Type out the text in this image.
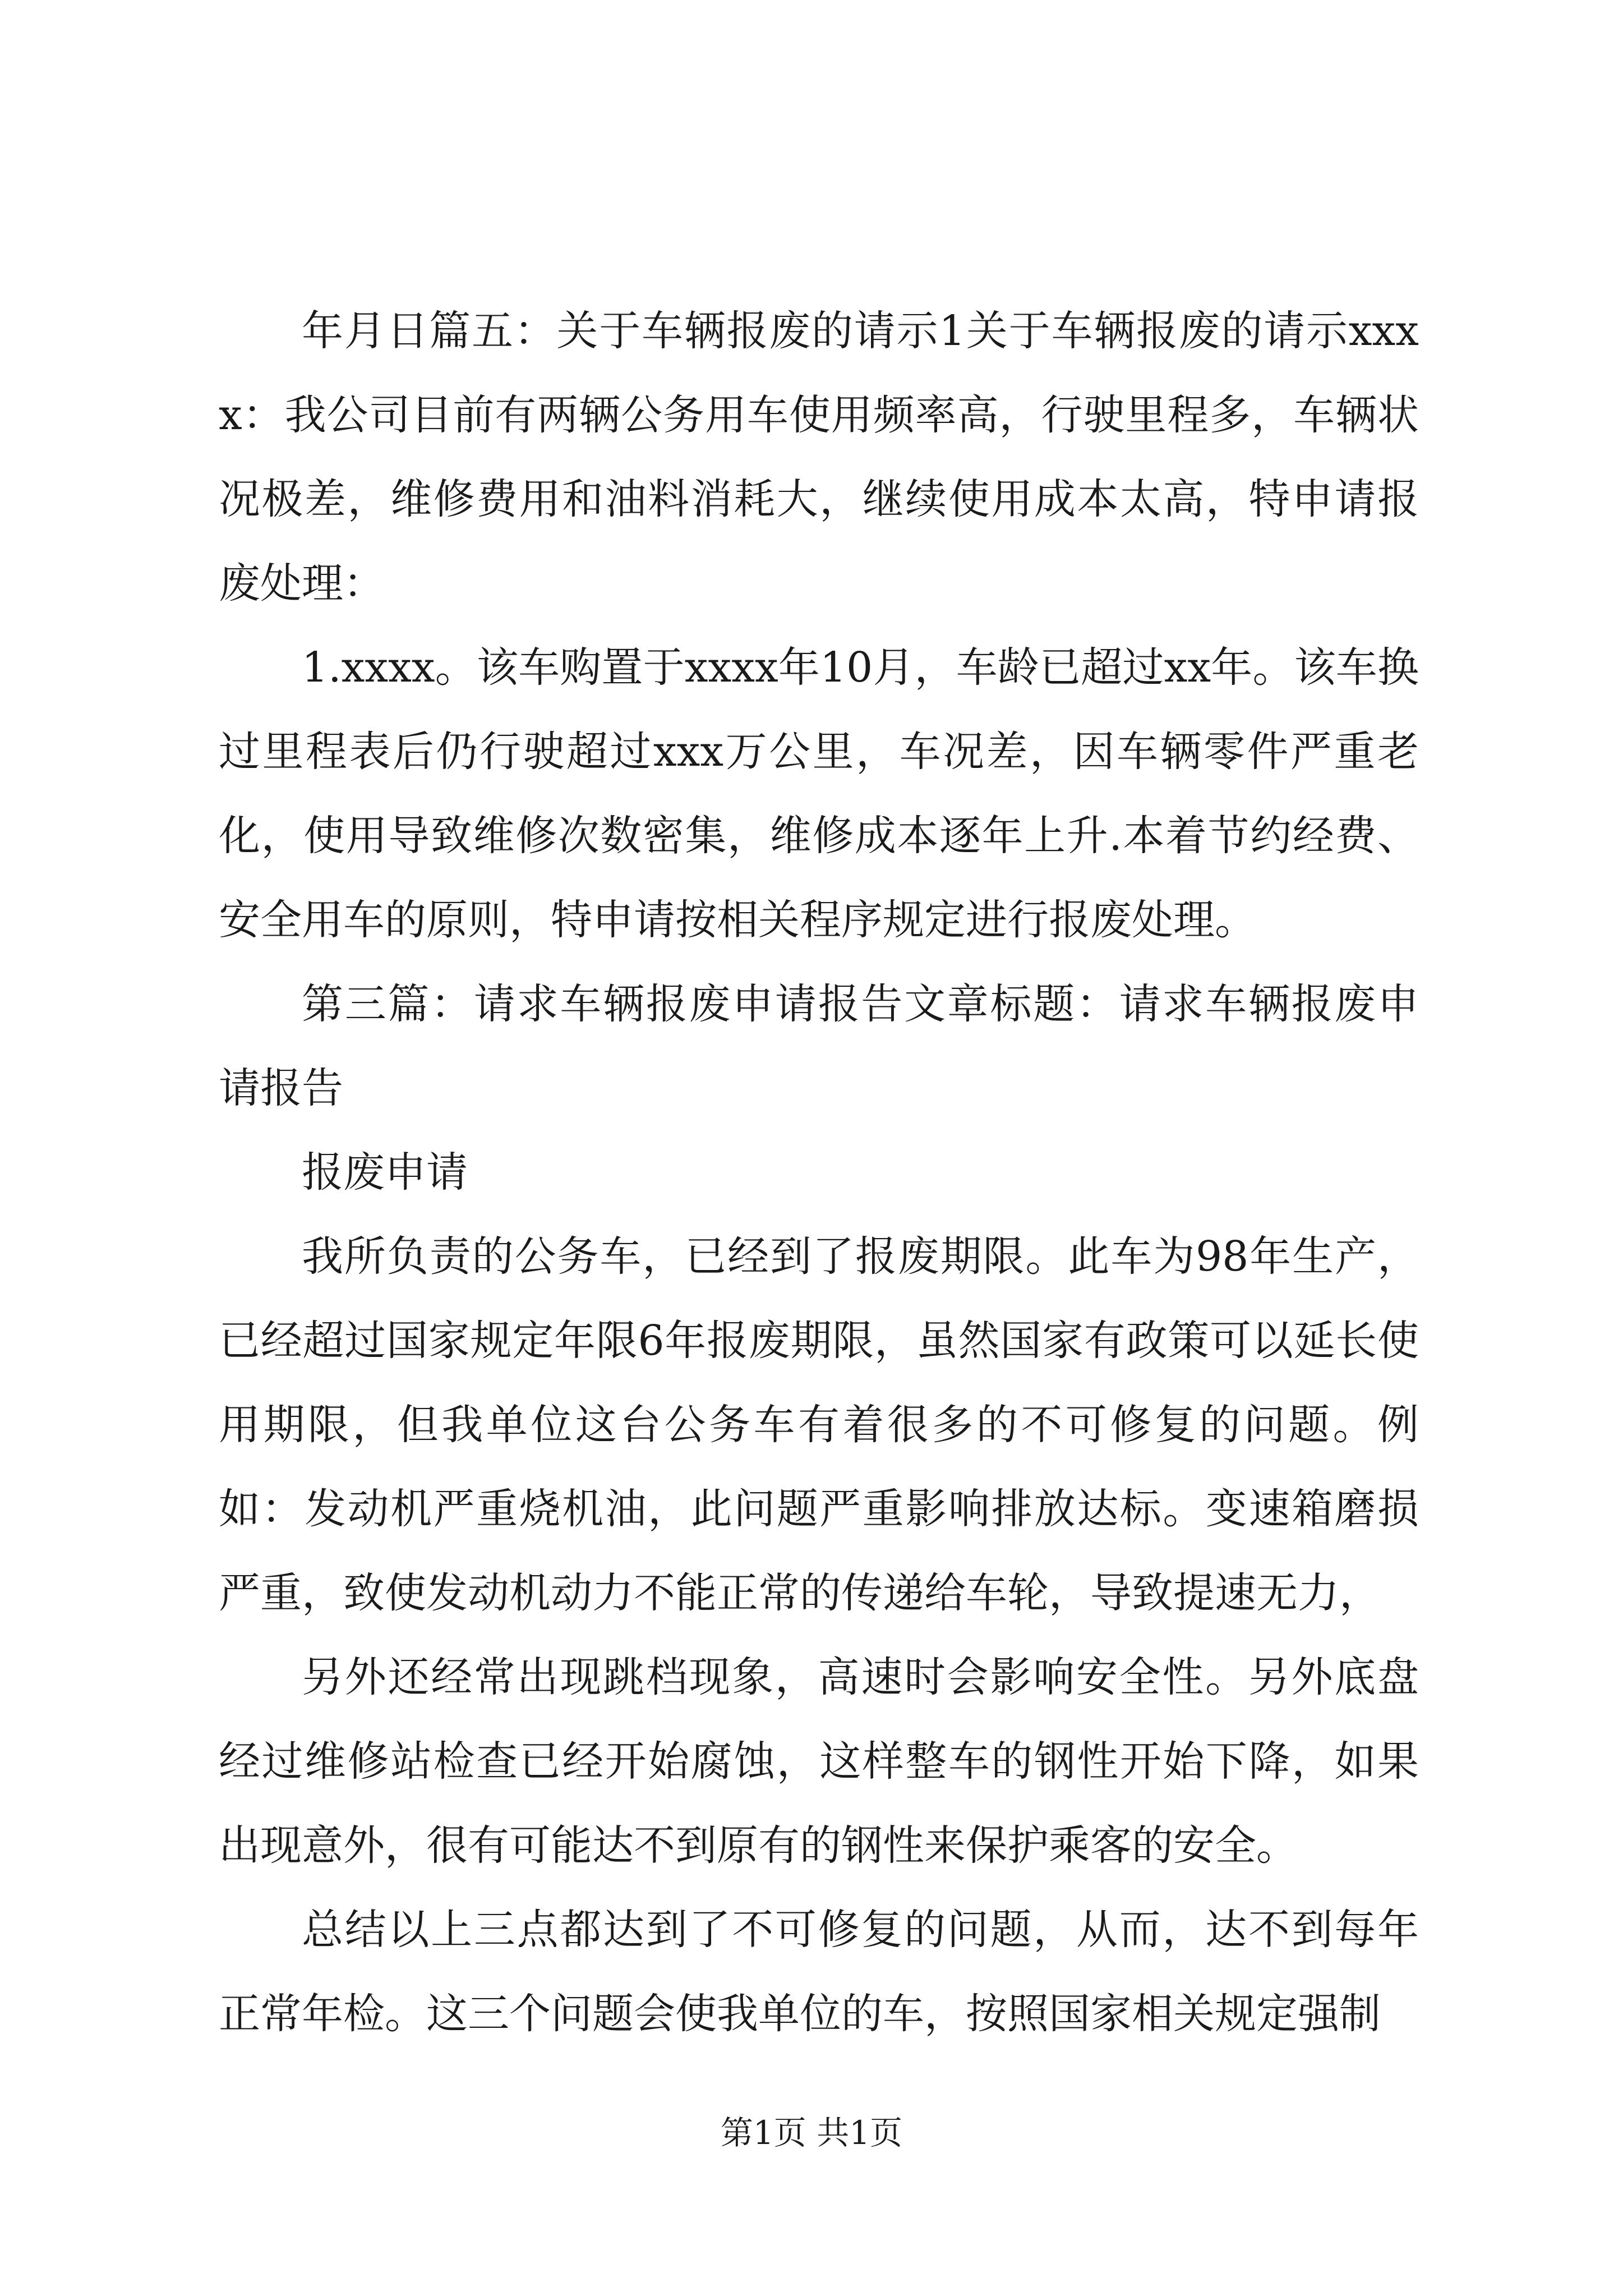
年月日篇五：关于车辆报废的请示1关于车辆报废的请示xxxx：我公司目前有两辆公务用车使用频率高，行驶里程多，车辆状况极差，维修费用和油料消耗大，继续使用成本太高，特申请报废处理：

1.xxxx。该车购置于xxxx年10月，车龄已超过xx年。该车换过里程表后仍行驶超过xxx万公里，车况差，因车辆零件严重老化，使用导致维修次数密集，维修成本逐年上升.本着节约经费、安全用车的原则，特申请按相关程序规定进行报废处理。

第三篇：请求车辆报废申请报告文章标题：请求车辆报废申请报告

报废申请

我所负责的公务车，已经到了报废期限。此车为98年生产，已经超过国家规定年限6年报废期限，虽然国家有政策可以延长使用期限，但我单位这台公务车有着很多的不可修复的问题。例如：发动机严重烧机油，此问题严重影响排放达标。变速箱磨损严重，致使发动机动力不能正常的传递给车轮，导致提速无力，

另外还经常出现跳档现象，高速时会影响安全性。另外底盘经过维修站检查已经开始腐蚀，这样整车的钢性开始下降，如果出现意外，很有可能达不到原有的钢性来保护乘客的安全。

总结以上三点都达到了不可修复的问题，从而，达不到每年正常年检。这三个问题会使我单位的车，按照国家相关规定强制

第1页 共1页
